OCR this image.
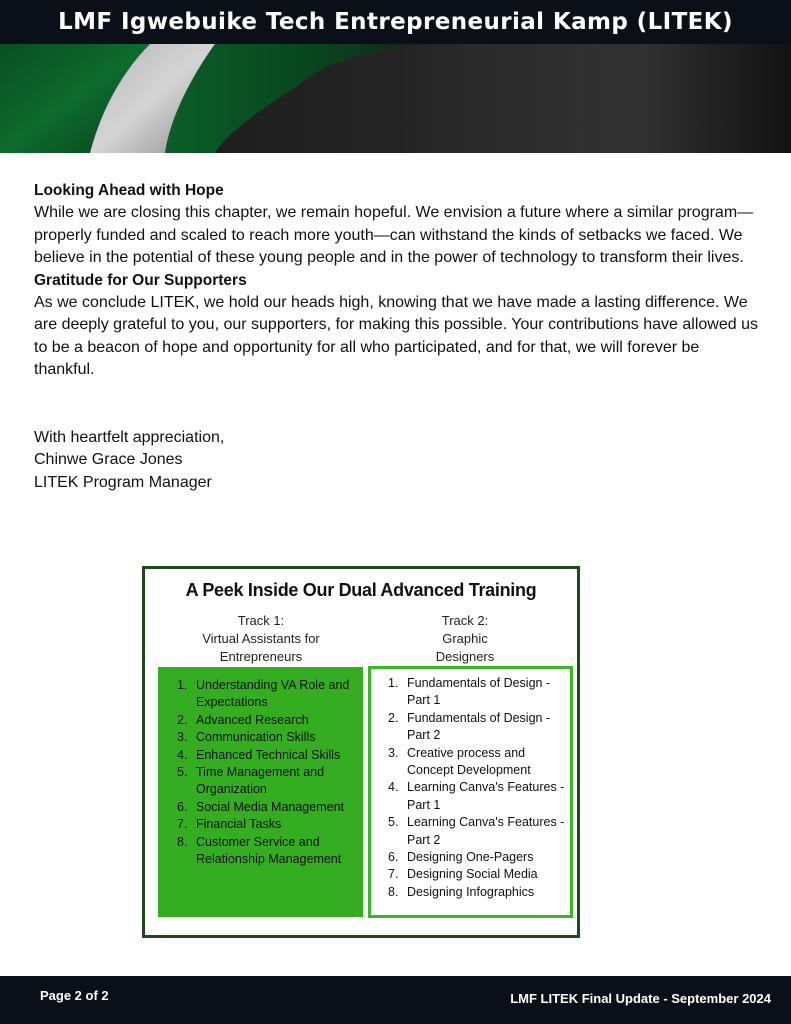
LMF Igwebuike Tech Entrepreneurial Kamp (LITEK)
Looking Ahead with Hope

While we are closing this chapter, we remain hopeful. We envision a future where a similar program—properly funded and scaled to reach more youth—can withstand the kinds of setbacks we faced. We believe in the potential of these young people and in the power of technology to transform their lives.

Gratitude for Our Supporters

As we conclude LITEK, we hold our heads high, knowing that we have made a lasting difference. We are deeply grateful to you, our supporters, for making this possible. Your contributions have allowed us to be a beacon of hope and opportunity for all who participated, and for that, we will forever be thankful.

With heartfelt appreciation,

Chinwe Grace Jones

LITEK Program Manager

A Peek Inside Our Dual Advanced Training
Track 1:
Virtual Assistants for
Entrepreneurs
Track 2:
Graphic
Designers
1. Understanding VA Role and Expectations
2. Advanced Research
3. Communication Skills
4. Enhanced Technical Skills
5. Time Management and Organization
6. Social Media Management
7. Financial Tasks
8. Customer Service and Relationship Management
1. Fundamentals of Design - Part 1
2. Fundamentals of Design - Part 2
3. Creative process and Concept Development
4. Learning Canva's Features - Part 1
5. Learning Canva's Features - Part 2
6. Designing One-Pagers
7. Designing Social Media
8. Designing Infographics
Page 2 of 2	LMF LITEK Final Update - September 2024
